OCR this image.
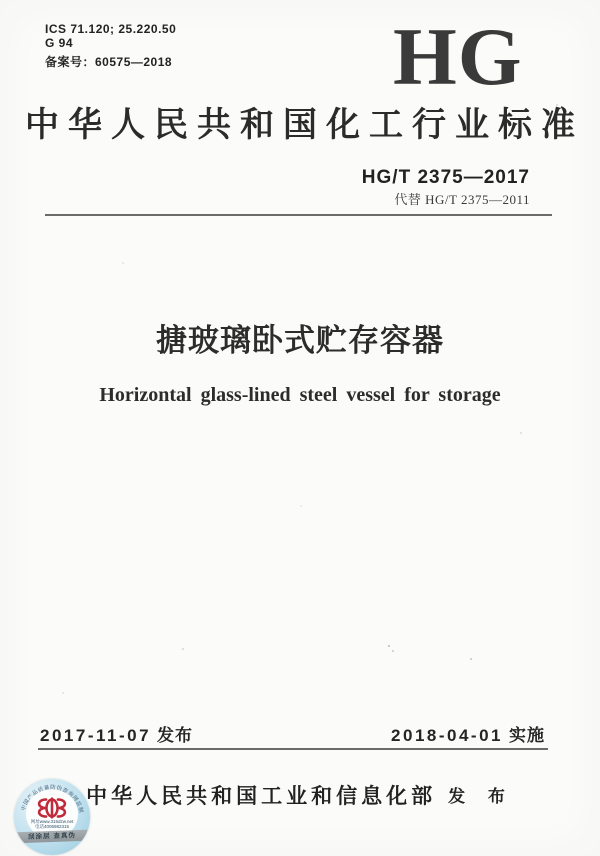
ICS 71.120; 25.220.50
G 94
备案号：60575—2018	HG
中华人民共和国化工行业标准
HG/T 2375—2017
代替 HG/T 2375—2011
搪玻璃卧式贮存容器
Horizontal glass-lined steel vessel for storage
2017-11-07 发布	2018-04-01 实施
中华人民共和国工业和信息化部 发 布
中国产品质量防伪查询网监制
网址www.315dzw.net
电话4006982315
刮涂层 查真伪
